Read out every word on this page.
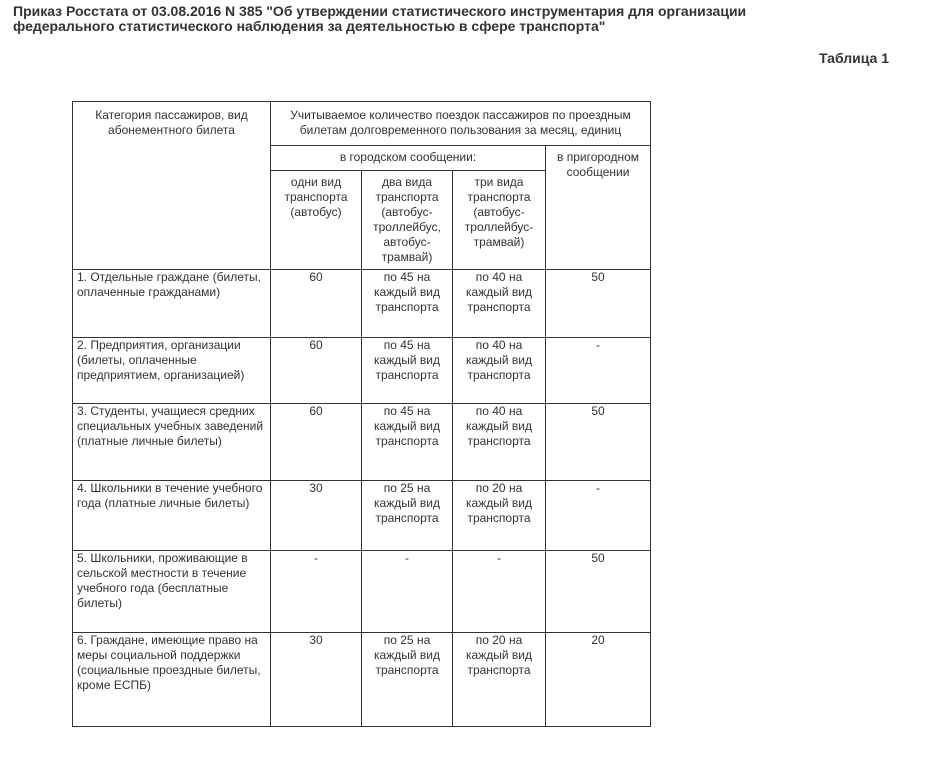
Приказ Росстата от 03.08.2016 N 385 "Об утверждении статистического инструментария для организации
федерального статистического наблюдения за деятельностью в сфере транспорта"
Таблица 1
Категория пассажиров, вид абонементного билета	Учитываемое количество поездок пассажиров по проездным билетам долговременного пользования за месяц, единиц			
	в городском сообщении:			в пригородном сообщении
	одни вид транспорта (автобус)	два вида транспорта (автобус-троллейбус, автобус-трамвай)	три вида транспорта (автобус-троллейбус-трамвай)	
1. Отдельные граждане (билеты, оплаченные гражданами)	60	по 45 на каждый вид транспорта	по 40 на каждый вид транспорта	50
2. Предприятия, организации (билеты, оплаченные предприятием, организацией)	60	по 45 на каждый вид транспорта	по 40 на каждый вид транспорта	-
3. Студенты, учащиеся средних специальных учебных заведений (платные личные билеты)	60	по 45 на каждый вид транспорта	по 40 на каждый вид транспорта	50
4. Школьники в течение учебного года (платные личные билеты)	30	по 25 на каждый вид транспорта	по 20 на каждый вид транспорта	-
5. Школьники, проживающие в сельской местности в течение учебного года (бесплатные билеты)	-	-	-	50
6. Граждане, имеющие право на меры социальной поддержки (социальные проездные билеты, кроме ЕСПБ)	30	по 25 на каждый вид транспорта	по 20 на каждый вид транспорта	20
